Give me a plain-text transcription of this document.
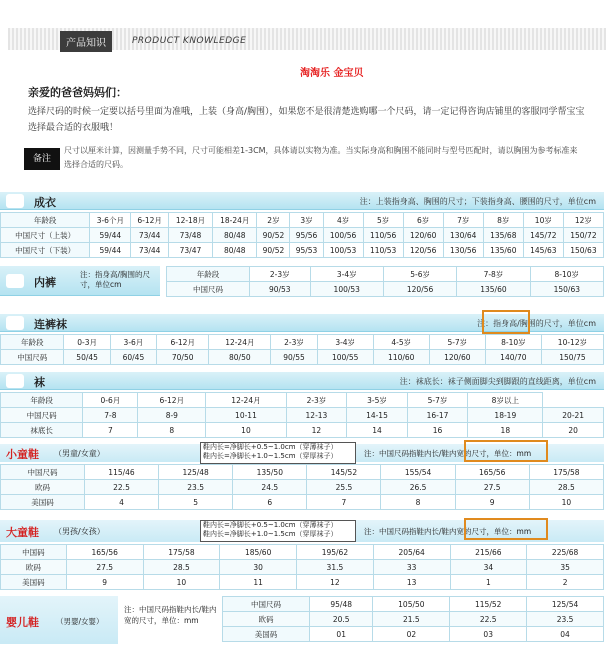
产品知识	PRODUCT KNOWLEDGE
淘淘乐 金宝贝
亲爱的爸爸妈妈们：
选择尺码的时候一定要以括号里面为准哦，上装（身高/胸围），如果您不是很清楚选购哪一个尺码，请一定记得咨询店铺里的客服同学帮宝宝选择最合适的衣服哦！
备注
尺寸以厘米计算，因测量手势不同，尺寸可能相差1-3CM，具体请以实物为准。当实际身高和胸围不能同时与型号匹配时，请以胸围为参考标准来选择合适的尺码。
成衣	注：上装指身高、胸围的尺寸；下装指身高、腰围的尺寸，单位cm
年龄段	3-6个月	6-12月	12-18月	18-24月	2岁	3岁	4岁	5岁	6岁	7岁	8岁	10岁	12岁
中国尺寸（上装）	59/44	73/44	73/48	80/48	90/52	95/56	100/56	110/56	120/60	130/64	135/68	145/72	150/72
中国尺寸（下装）	59/44	73/44	73/47	80/48	90/52	95/53	100/53	110/53	120/56	130/56	135/60	145/63	150/63
内裤
注：指身高/胸围的尺寸，单位cm
年龄段	2-3岁	3-4岁	5-6岁	7-8岁	8-10岁
中国尺码	90/53	100/53	120/56	135/60	150/63
连裤袜	注：指身高/胸围的尺寸，单位cm
年龄段	0-3月	3-6月	6-12月	12-24月	2-3岁	3-4岁	4-5岁	5-7岁	8-10岁	10-12岁
中国尺码	50/45	60/45	70/50	80/50	90/55	100/55	110/60	120/60	140/70	150/75
袜	注：袜底长：袜子侧面脚尖到脚跟的直线距离，单位cm
年龄段	0-6月	6-12月	12-24月	2-3岁	3-5岁	5-7岁	8岁以上	
中国尺码	7-8	8-9	10-11	12-13	14-15	16-17	18-19	20-21
袜底长	7	8	10	12	14	16	18	20
小童鞋 （男童/女童）	注：中国尺码指鞋内长/鞋内宽的尺寸，单位：mm
鞋内长=净脚长+0.5~1.0cm（穿薄袜子）
鞋内长=净脚长+1.0~1.5cm（穿厚袜子）
中国尺码	115/46	125/48	135/50	145/52	155/54	165/56	175/58
欧码	22.5	23.5	24.5	25.5	26.5	27.5	28.5
美国码	4	5	6	7	8	9	10
大童鞋 （男孩/女孩）	注：中国尺码指鞋内长/鞋内宽的尺寸，单位：mm
鞋内长=净脚长+0.5~1.0cm（穿薄袜子）
鞋内长=净脚长+1.0~1.5cm（穿厚袜子）
中国码	165/56	175/58	185/60	195/62	205/64	215/66	225/68
欧码	27.5	28.5	30	31.5	33	34	35
美国码	9	10	11	12	13	1	2
婴儿鞋 （男婴/女婴）
注：中国尺码指鞋内长/鞋内宽的尺寸，单位：mm
中国尺码	95/48	105/50	115/52	125/54
欧码	20.5	21.5	22.5	23.5
美国码	01	02	03	04
